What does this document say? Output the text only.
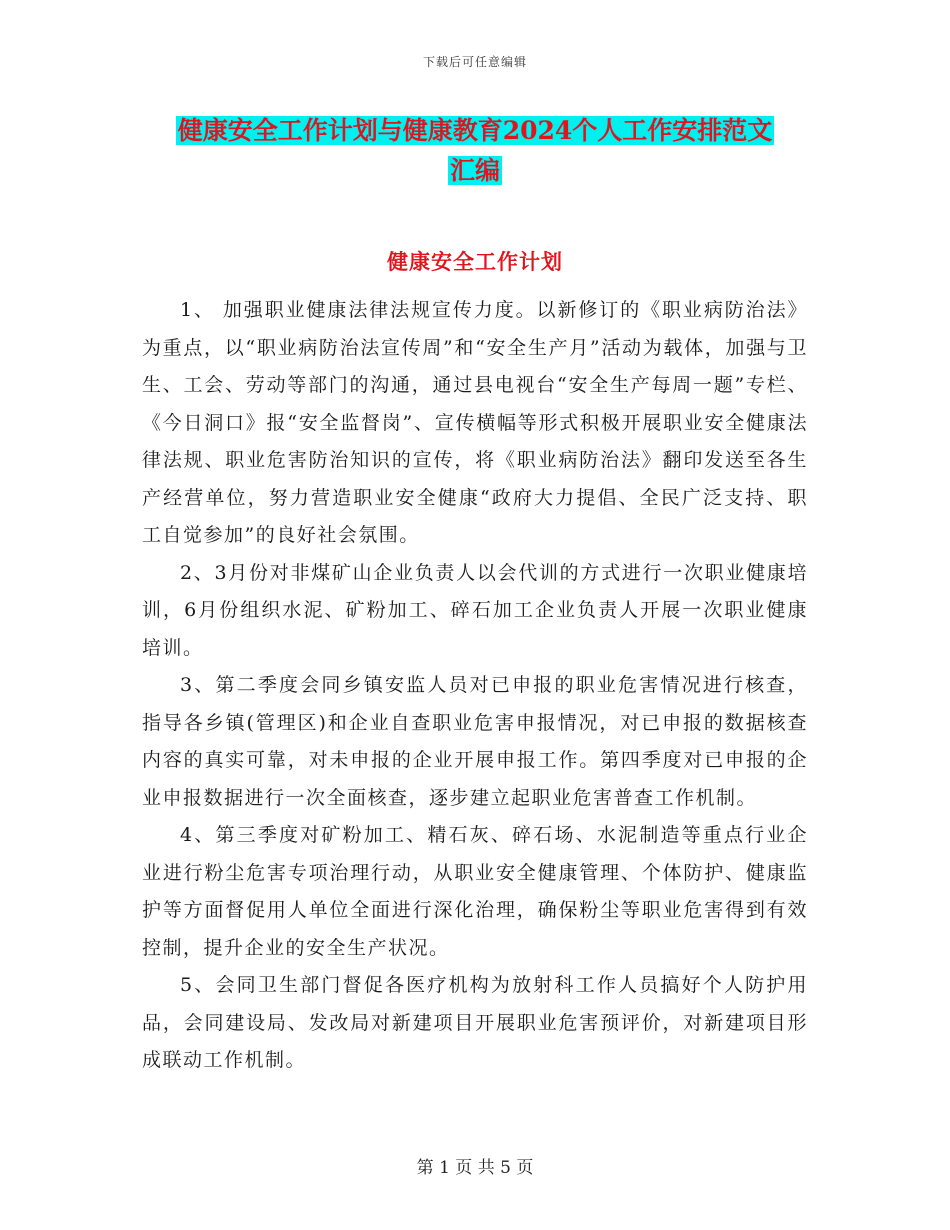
下载后可任意编辑
健康安全工作计划与健康教育2024个人工作安排范文
汇编
健康安全工作计划

1、 加强职业健康法律法规宣传力度。以新修订的《职业病防治法》为重点，以“职业病防治法宣传周”和“安全生产月”活动为载体，加强与卫生、工会、劳动等部门的沟通，通过县电视台“安全生产每周一题”专栏、《今日洞口》报“安全监督岗”、宣传横幅等形式积极开展职业安全健康法律法规、职业危害防治知识的宣传，将《职业病防治法》翻印发送至各生产经营单位，努力营造职业安全健康“政府大力提倡、全民广泛支持、职工自觉参加”的良好社会氛围。

2、3月份对非煤矿山企业负责人以会代训的方式进行一次职业健康培训，6月份组织水泥、矿粉加工、碎石加工企业负责人开展一次职业健康培训。

3、第二季度会同乡镇安监人员对已申报的职业危害情况进行核查，指导各乡镇(管理区)和企业自查职业危害申报情况，对已申报的数据核查内容的真实可靠，对未申报的企业开展申报工作。第四季度对已申报的企业申报数据进行一次全面核查，逐步建立起职业危害普查工作机制。

4、第三季度对矿粉加工、精石灰、碎石场、水泥制造等重点行业企业进行粉尘危害专项治理行动，从职业安全健康管理、个体防护、健康监护等方面督促用人单位全面进行深化治理，确保粉尘等职业危害得到有效控制，提升企业的安全生产状况。

5、会同卫生部门督促各医疗机构为放射科工作人员搞好个人防护用品，会同建设局、发改局对新建项目开展职业危害预评价，对新建项目形成联动工作机制。

第 1 页 共 5 页
